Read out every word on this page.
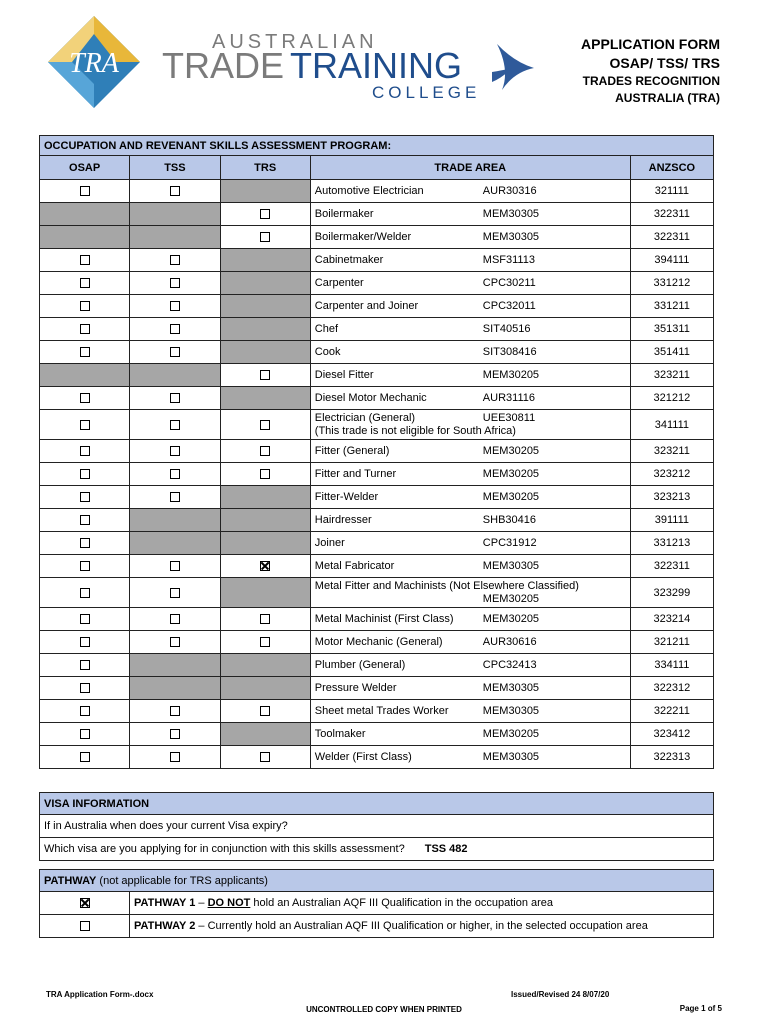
TRA
AUSTRALIAN
TRADE TRAINING
COLLEGE
APPLICATION FORM
OSAP/ TSS/ TRS
TRADES RECOGNITION
AUSTRALIA (TRA)
OCCUPATION AND REVENANT SKILLS ASSESSMENT PROGRAM:				
OSAP	TSS	TRS	TRADE AREA	ANZSCO

			Automotive Electrician AUR30316	321111

			Boilermaker MEM30305	322311

			Boilermaker/Welder MEM30305	322311

			Cabinetmaker MSF31113	394111

			Carpenter CPC30211	331212

			Carpenter and Joiner CPC32011	331211

			Chef SIT40516	351311

			Cook SIT308416	351411

			Diesel Fitter MEM30205	323211

			Diesel Motor Mechanic AUR31116	321212

			Electrician (General) UEE30811
(This trade is not eligible for South Africa)	341111

			Fitter (General) MEM30205	323211

			Fitter and Turner MEM30205	323212

			Fitter-Welder MEM30205	323213

			Hairdresser SHB30416	391111

			Joiner CPC31912	331213

			Metal Fabricator MEM30305	322311

			Metal Fitter and Machinists (Not Elsewhere Classified)
MEM30205	323299

			Metal Machinist (First Class) MEM30205	323214

			Motor Mechanic (General) AUR30616	321211

			Plumber (General) CPC32413	334111

			Pressure Welder MEM30305	322312

			Sheet metal Trades Worker MEM30305	322211

			Toolmaker MEM30205	323412

			Welder (First Class) MEM30305	322313
VISA INFORMATION
If in Australia when does your current Visa expiry?
Which visa are you applying for in conjunction with this skills assessment? TSS 482
PATHWAY (not applicable for TRS applicants)	
	PATHWAY 1 – DO NOT hold an Australian AQF III Qualification in the occupation area
	PATHWAY 2 – Currently hold an Australian AQF III Qualification or higher, in the selected occupation area
TRA Application Form-.docx	Issued/Revised 24 8/07/20
UNCONTROLLED COPY WHEN PRINTED	Page 1 of 5
